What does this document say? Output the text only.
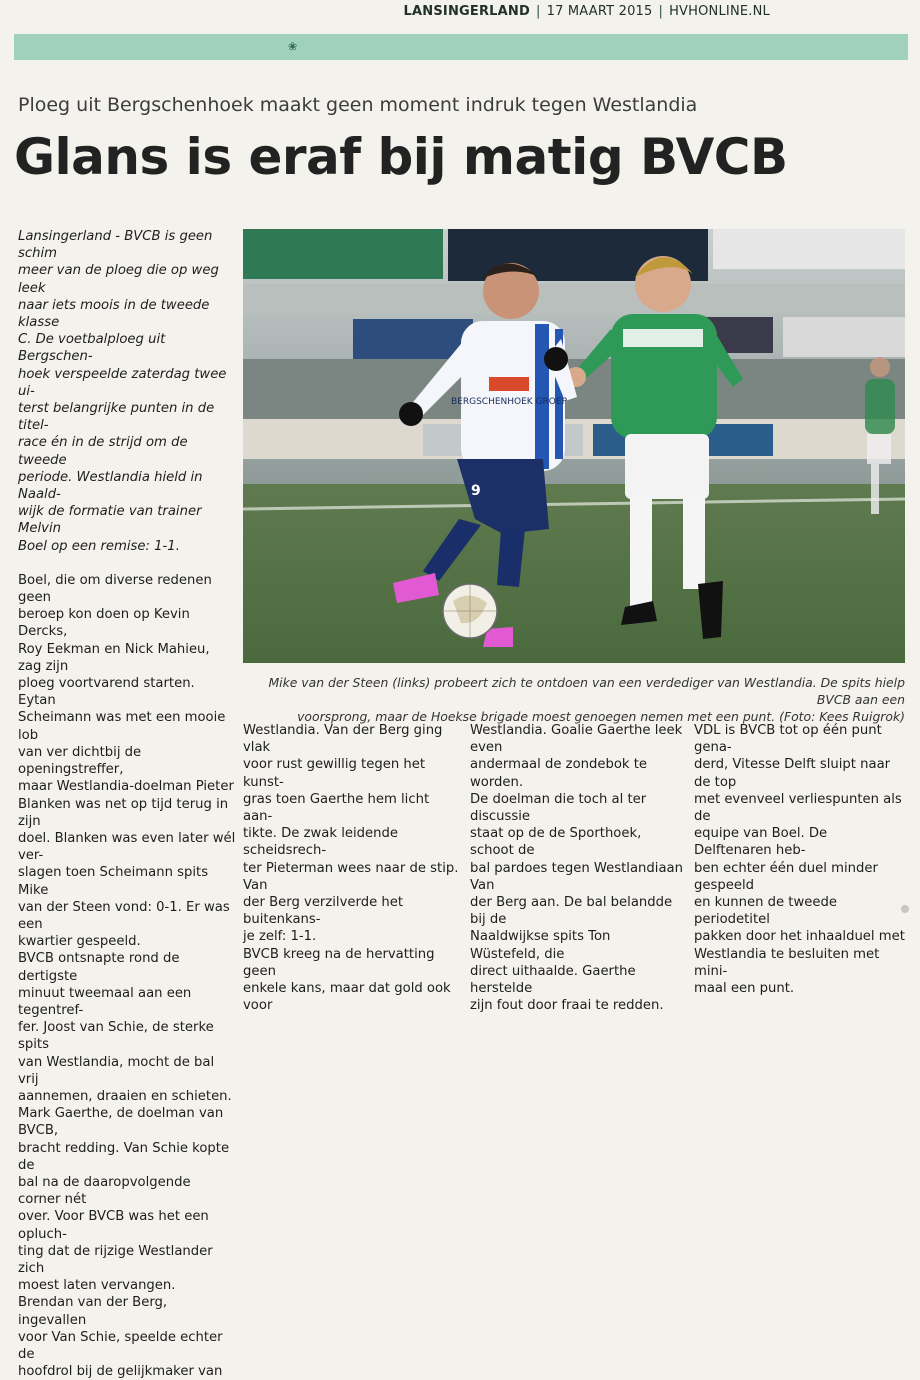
❀
LANSINGERLAND | 17 MAART 2015 | HVHONLINE.NL
Ploeg uit Bergschenhoek maakt geen moment indruk tegen Westlandia
Glans is eraf bij matig BVCB
BERGSCHENHOEK GROEP
9
Mike van der Steen (links) probeert zich te ontdoen van een verdediger van Westlandia. De spits hielp BVCB aan een
voorsprong, maar de Hoekse brigade moest genoegen nemen met een punt. (Foto: Kees Ruigrok)

Lansingerland - BVCB is geen schim

meer van de ploeg die op weg leek

naar iets moois in de tweede klasse

C. De voetbalploeg uit Bergschen-

hoek verspeelde zaterdag twee ui-

terst belangrijke punten in de titel-

race én in de strijd om de tweede

periode. Westlandia hield in Naald-

wijk de formatie van trainer Melvin

Boel op een remise: 1-1.

Boel, die om diverse redenen geen

beroep kon doen op Kevin Dercks,

Roy Eekman en Nick Mahieu, zag zijn

ploeg voortvarend starten. Eytan

Scheimann was met een mooie lob

van ver dichtbij de openingstreffer,

maar Westlandia-doelman Pieter

Blanken was net op tijd terug in zijn

doel. Blanken was even later wél ver-

slagen toen Scheimann spits Mike

van der Steen vond: 0-1. Er was een

kwartier gespeeld.

BVCB ontsnapte rond de dertigste

minuut tweemaal aan een tegentref-

fer. Joost van Schie, de sterke spits

van Westlandia, mocht de bal vrij

aannemen, draaien en schieten.

Mark Gaerthe, de doelman van BVCB,

bracht redding. Van Schie kopte de

bal na de daaropvolgende corner nét

over. Voor BVCB was het een opluch-

ting dat de rijzige Westlander zich

moest laten vervangen.

Brendan van der Berg, ingevallen

voor Van Schie, speelde echter de

hoofdrol bij de gelijkmaker van

Westlandia. Van der Berg ging vlak

voor rust gewillig tegen het kunst-

gras toen Gaerthe hem licht aan-

tikte. De zwak leidende scheidsrech-

ter Pieterman wees naar de stip. Van

der Berg verzilverde het buitenkans-

je zelf: 1-1.

BVCB kreeg na de hervatting geen

enkele kans, maar dat gold ook voor

Westlandia. Goalie Gaerthe leek even

andermaal de zondebok te worden.

De doelman die toch al ter discussie

staat op de de Sporthoek, schoot de

bal pardoes tegen Westlandiaan Van

der Berg aan. De bal belandde bij de

Naaldwijkse spits Ton Wüstefeld, die

direct uithaalde. Gaerthe herstelde

zijn fout door fraai te redden.

VDL is BVCB tot op één punt gena-

derd, Vitesse Delft sluipt naar de top

met evenveel verliespunten als de

equipe van Boel. De Delftenaren heb-

ben echter één duel minder gespeeld

en kunnen de tweede periodetitel

pakken door het inhaalduel met

Westlandia te besluiten met mini-

maal een punt.
